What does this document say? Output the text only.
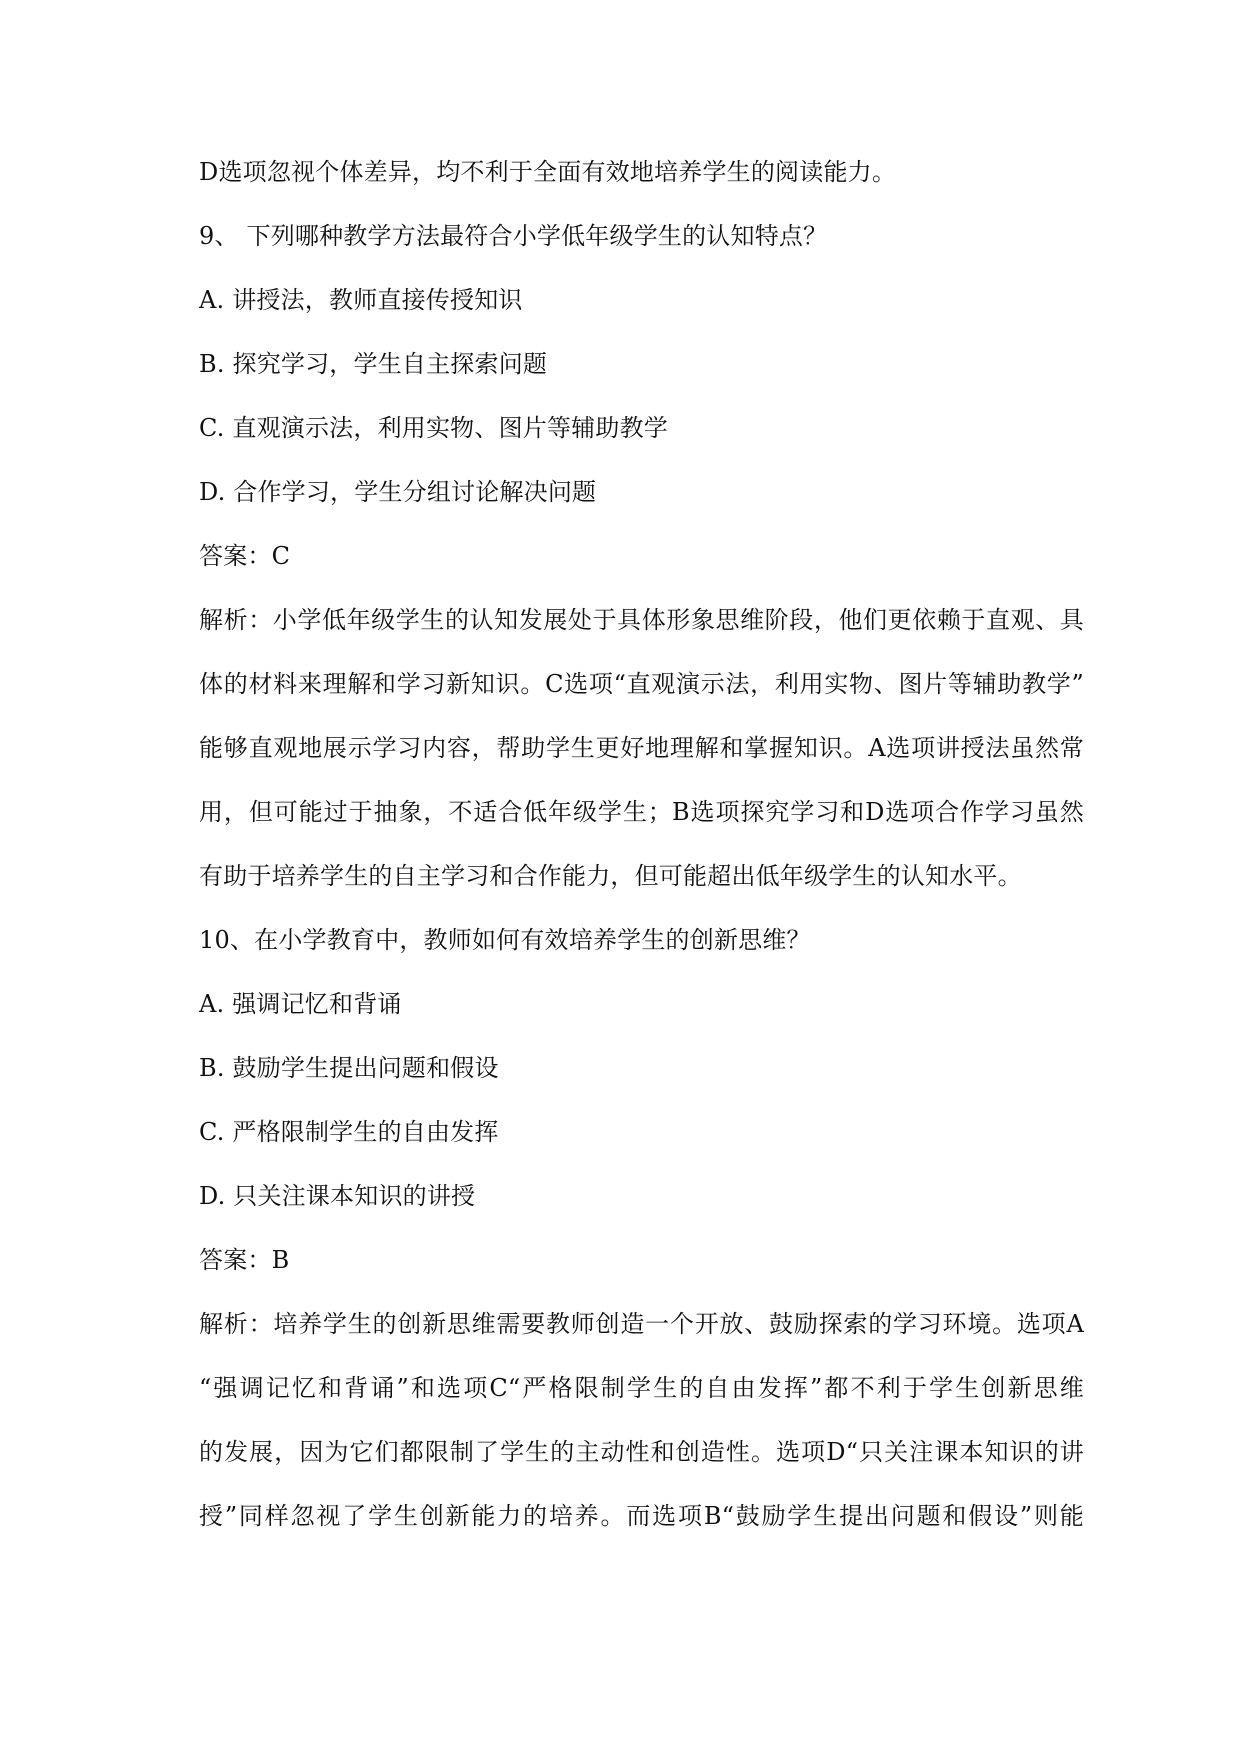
D选项忽视个体差异，均不利于全面有效地培养学生的阅读能力。
9、 下列哪种教学方法最符合小学低年级学生的认知特点？
A. 讲授法，教师直接传授知识
B. 探究学习，学生自主探索问题
C. 直观演示法，利用实物、图片等辅助教学
D. 合作学习，学生分组讨论解决问题
答案：C
解析：小学低年级学生的认知发展处于具体形象思维阶段，他们更依赖于直观、具
体的材料来理解和学习新知识。C选项“直观演示法，利用实物、图片等辅助教学”
能够直观地展示学习内容，帮助学生更好地理解和掌握知识。A选项讲授法虽然常
用，但可能过于抽象，不适合低年级学生；B选项探究学习和D选项合作学习虽然
有助于培养学生的自主学习和合作能力，但可能超出低年级学生的认知水平。
10、在小学教育中，教师如何有效培养学生的创新思维？
A. 强调记忆和背诵
B. 鼓励学生提出问题和假设
C. 严格限制学生的自由发挥
D. 只关注课本知识的讲授
答案：B
解析：培养学生的创新思维需要教师创造一个开放、鼓励探索的学习环境。选项A
“强调记忆和背诵”和选项C“严格限制学生的自由发挥”都不利于学生创新思维
的发展，因为它们都限制了学生的主动性和创造性。选项D“只关注课本知识的讲
授”同样忽视了学生创新能力的培养。而选项B“鼓励学生提出问题和假设”则能
